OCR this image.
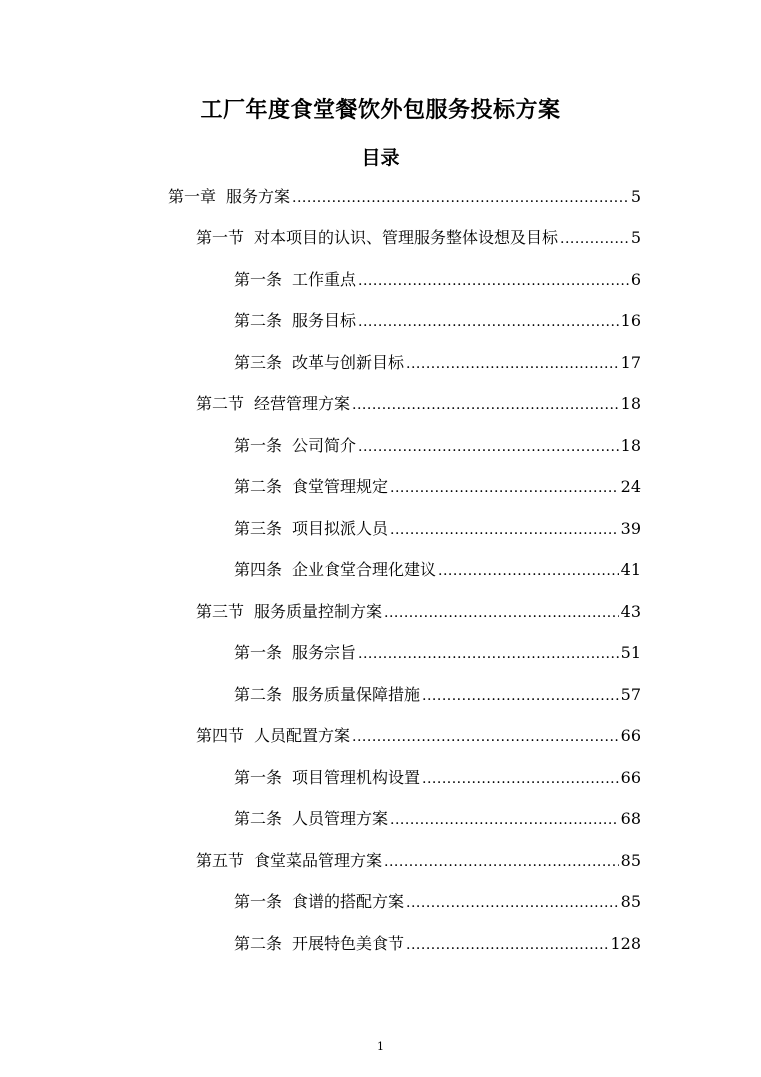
工厂年度食堂餐饮外包服务投标方案
目录
第一章 服务方案 .....	5
第一节 对本项目的认识、管理服务整体设想及目标 .....	5
第一条 工作重点 .....	6
第二条 服务目标 .....	16
第三条 改革与创新目标 .....	17
第二节 经营管理方案 .....	18
第一条 公司简介 .....	18
第二条 食堂管理规定 .....	24
第三条 项目拟派人员 .....	39
第四条 企业食堂合理化建议 .....	41
第三节 服务质量控制方案 .....	43
第一条 服务宗旨 .....	51
第二条 服务质量保障措施 .....	57
第四节 人员配置方案 .....	66
第一条 项目管理机构设置 .....	66
第二条 人员管理方案 .....	68
第五节 食堂菜品管理方案 .....	85
第一条 食谱的搭配方案 .....	85
第二条 开展特色美食节 .....	128
1
